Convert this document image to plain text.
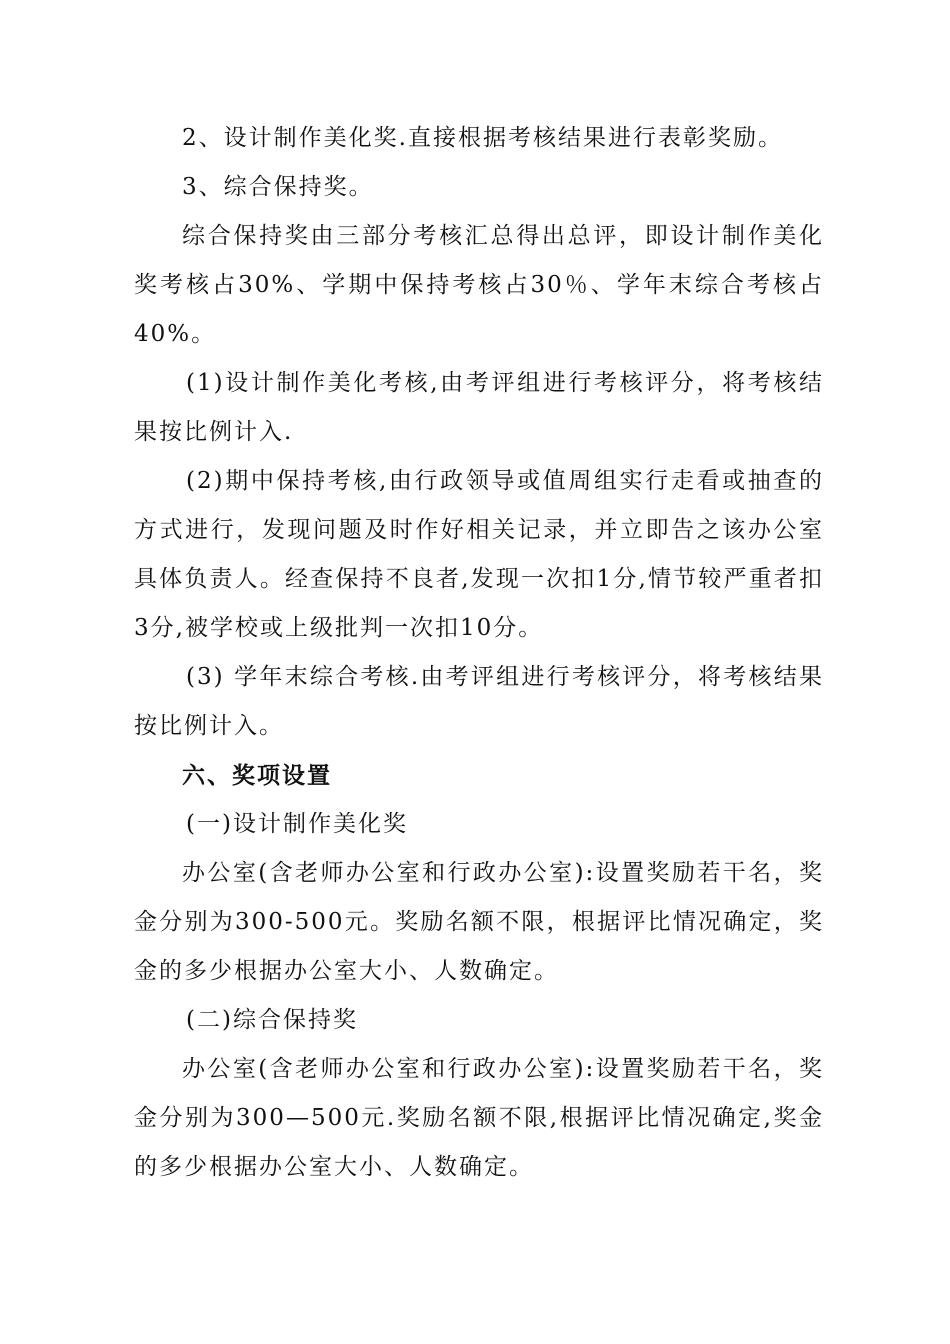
2、设计制作美化奖.直接根据考核结果进行表彰奖励。

3、综合保持奖。

综合保持奖由三部分考核汇总得出总评，即设计制作美化奖考核占30%、学期中保持考核占30％、学年末综合考核占40%。

(1)设计制作美化考核,由考评组进行考核评分，将考核结果按比例计入.

(2)期中保持考核,由行政领导或值周组实行走看或抽查的方式进行，发现问题及时作好相关记录，并立即告之该办公室具体负责人。经查保持不良者,发现一次扣1分,情节较严重者扣3分,被学校或上级批判一次扣10分。

(3) 学年末综合考核.由考评组进行考核评分，将考核结果按比例计入。

六、奖项设置

(一)设计制作美化奖

办公室(含老师办公室和行政办公室):设置奖励若干名，奖金分别为300-500元。奖励名额不限，根据评比情况确定，奖金的多少根据办公室大小、人数确定。

(二)综合保持奖

办公室(含老师办公室和行政办公室):设置奖励若干名，奖金分别为300—500元.奖励名额不限,根据评比情况确定,奖金的多少根据办公室大小、人数确定。
